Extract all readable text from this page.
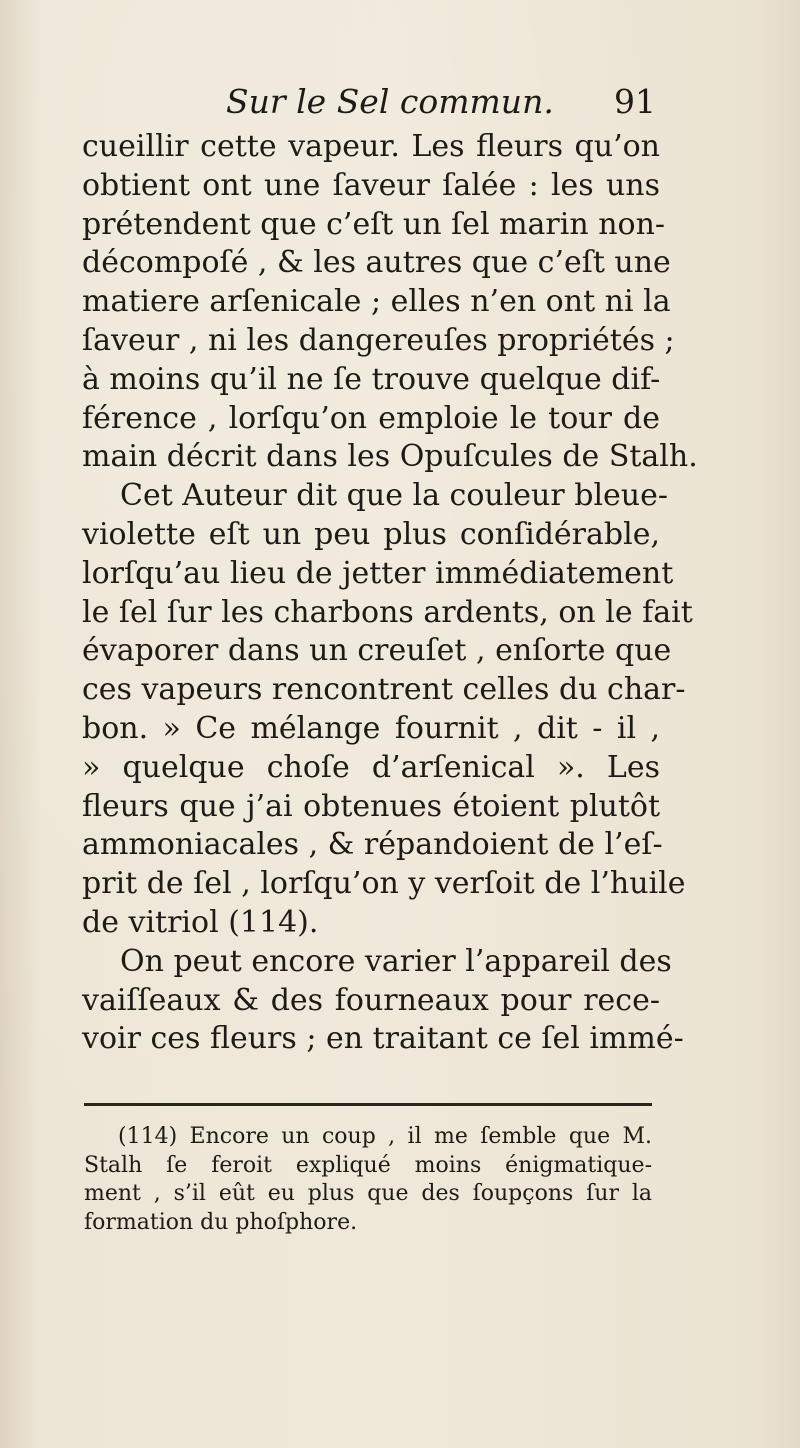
Sur le Sel commun. 91
cueillir cette vapeur. Les fleurs qu’on
obtient ont une ſaveur ſalée : les uns
prétendent que c’eſt un ſel marin non-
décompoſé , & les autres que c’eſt une
matiere arſenicale ; elles n’en ont ni la
ſaveur , ni les dangereuſes propriétés ;
à moins qu’il ne ſe trouve quelque dif-
férence , lorſqu’on emploie le tour de
main décrit dans les Opuſcules de Stalh.
Cet Auteur dit que la couleur bleue-
violette eſt un peu plus conſidérable,
lorſqu’au lieu de jetter immédiatement
le ſel ſur les charbons ardents, on le fait
évaporer dans un creuſet , enſorte que
ces vapeurs rencontrent celles du char-
bon. » Ce mélange fournit , dit - il ,
» quelque choſe d’arſenical ». Les
fleurs que j’ai obtenues étoient plutôt
ammoniacales , & répandoient de l’eſ-
prit de ſel , lorſqu’on y verſoit de l’huile
de vitriol (114).
On peut encore varier l’appareil des
vaiſſeaux & des fourneaux pour rece-
voir ces fleurs ; en traitant ce ſel immé-
(114) Encore un coup , il me ſemble que M.
Stalh ſe feroit expliqué moins énigmatique-
ment , s’il eût eu plus que des ſoupçons ſur la
formation du phoſphore.
